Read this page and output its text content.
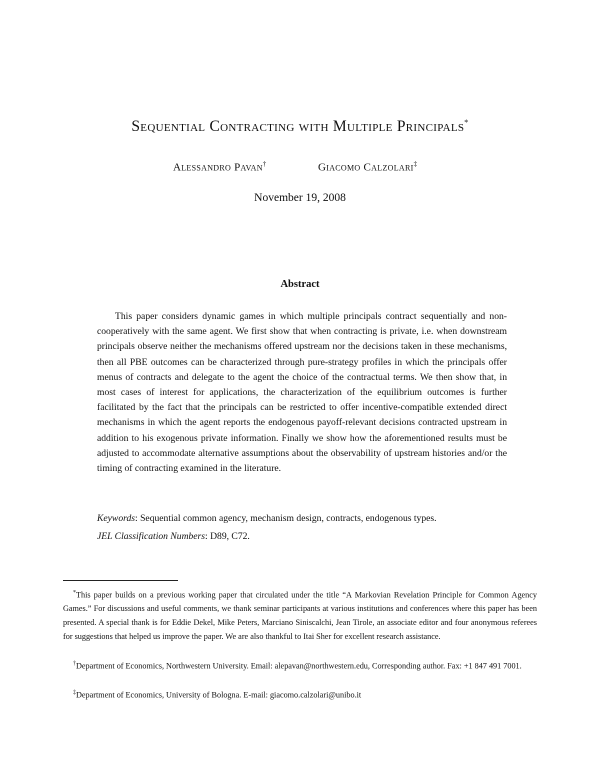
Sequential Contracting with Multiple Principals*
Alessandro Pavan†	Giacomo Calzolari‡
November 19, 2008
Abstract

This paper considers dynamic games in which multiple principals contract sequentially and non-cooperatively with the same agent. We first show that when contracting is private, i.e. when downstream principals observe neither the mechanisms offered upstream nor the decisions taken in these mechanisms, then all PBE outcomes can be characterized through pure-strategy profiles in which the principals offer menus of contracts and delegate to the agent the choice of the contractual terms. We then show that, in most cases of interest for applications, the characterization of the equilibrium outcomes is further facilitated by the fact that the principals can be restricted to offer incentive-compatible extended direct mechanisms in which the agent reports the endogenous payoff-relevant decisions contracted upstream in addition to his exogenous private information. Finally we show how the aforementioned results must be adjusted to accommodate alternative assumptions about the observability of upstream histories and/or the timing of contracting examined in the literature.

Keywords: Sequential common agency, mechanism design, contracts, endogenous types.
JEL Classification Numbers: D89, C72.

*This paper builds on a previous working paper that circulated under the title “A Markovian Revelation Principle for Common Agency Games.” For discussions and useful comments, we thank seminar participants at various institutions and conferences where this paper has been presented. A special thank is for Eddie Dekel, Mike Peters, Marciano Siniscalchi, Jean Tirole, an associate editor and four anonymous referees for suggestions that helped us improve the paper. We are also thankful to Itai Sher for excellent research assistance.

†Department of Economics, Northwestern University. Email: alepavan@northwestern.edu, Corresponding author. Fax: +1 847 491 7001.

‡Department of Economics, University of Bologna. E-mail: giacomo.calzolari@unibo.it
